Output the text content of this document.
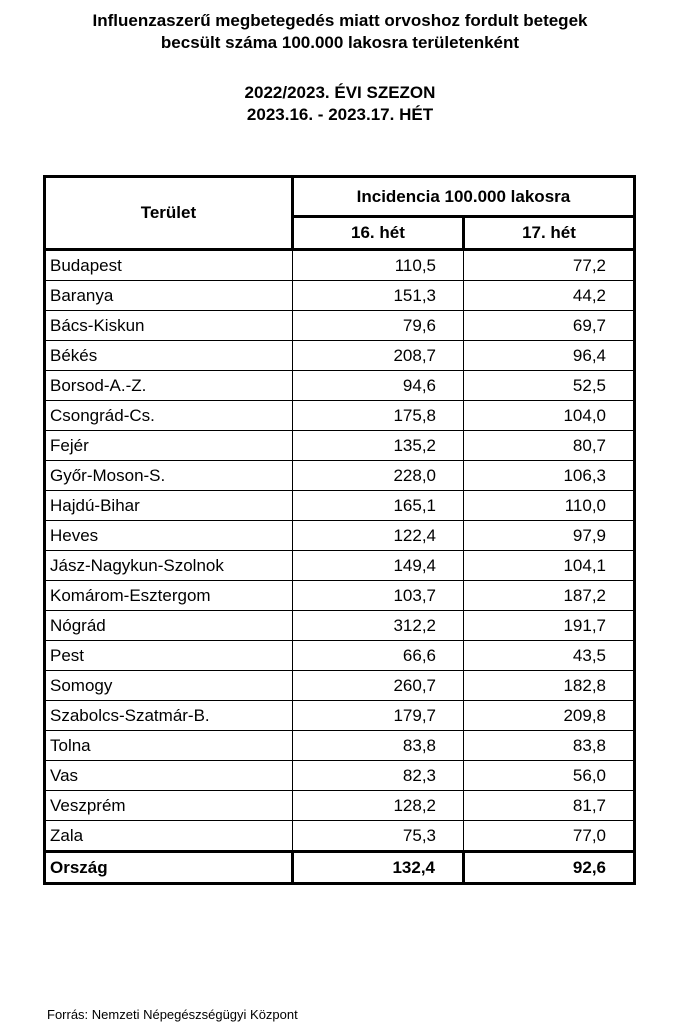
Influenzaszerű megbetegedés miatt orvoshoz fordult betegek
becsült száma 100.000 lakosra területenként
2022/2023. ÉVI SZEZON
2023.16. - 2023.17. HÉT
Terület	Incidencia 100.000 lakosra	
	16. hét	17. hét
Budapest	110,5	77,2
Baranya	151,3	44,2
Bács-Kiskun	79,6	69,7
Békés	208,7	96,4
Borsod-A.-Z.	94,6	52,5
Csongrád-Cs.	175,8	104,0
Fejér	135,2	80,7
Győr-Moson-S.	228,0	106,3
Hajdú-Bihar	165,1	110,0
Heves	122,4	97,9
Jász-Nagykun-Szolnok	149,4	104,1
Komárom-Esztergom	103,7	187,2
Nógrád	312,2	191,7
Pest	66,6	43,5
Somogy	260,7	182,8
Szabolcs-Szatmár-B.	179,7	209,8
Tolna	83,8	83,8
Vas	82,3	56,0
Veszprém	128,2	81,7
Zala	75,3	77,0
Ország	132,4	92,6
Forrás: Nemzeti Népegészségügyi Központ
